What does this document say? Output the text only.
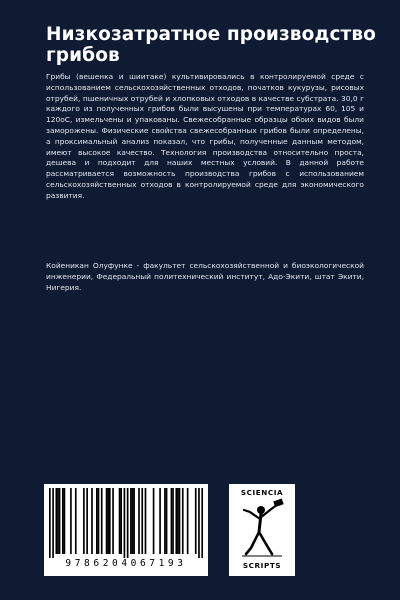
Низкозатратное производство грибов

Грибы (вешенка и шиитаке) культивировались в контролируемой среде с использованием сельскохозяйственных отходов, початков кукурузы, рисовых отрубей, пшеничных отрубей и хлопковых отходов в качестве субстрата. 30,0 г каждого из полученных грибов были высушены при температурах 60, 105 и 120oC, измельчены и упакованы. Свежесобранные образцы обоих видов были заморожены. Физические свойства свежесобранных грибов были определены, а проксимальный анализ показал, что грибы, полученные данным методом, имеют высокое качество. Технология производства относительно проста, дешева и подходит для наших местных условий. В данной работе рассматривается возможность производства грибов с использованием сельскохозяйственных отходов в контролируемой среде для экономического развития.

Койеникан Олуфунке - факультет сельскохозяйственной и биоэкологической инженерии, Федеральный политехнический институт, Адо-Экити, штат Экити, Нигерия.

9786204067193
SCIENCIA
SCRIPTS
